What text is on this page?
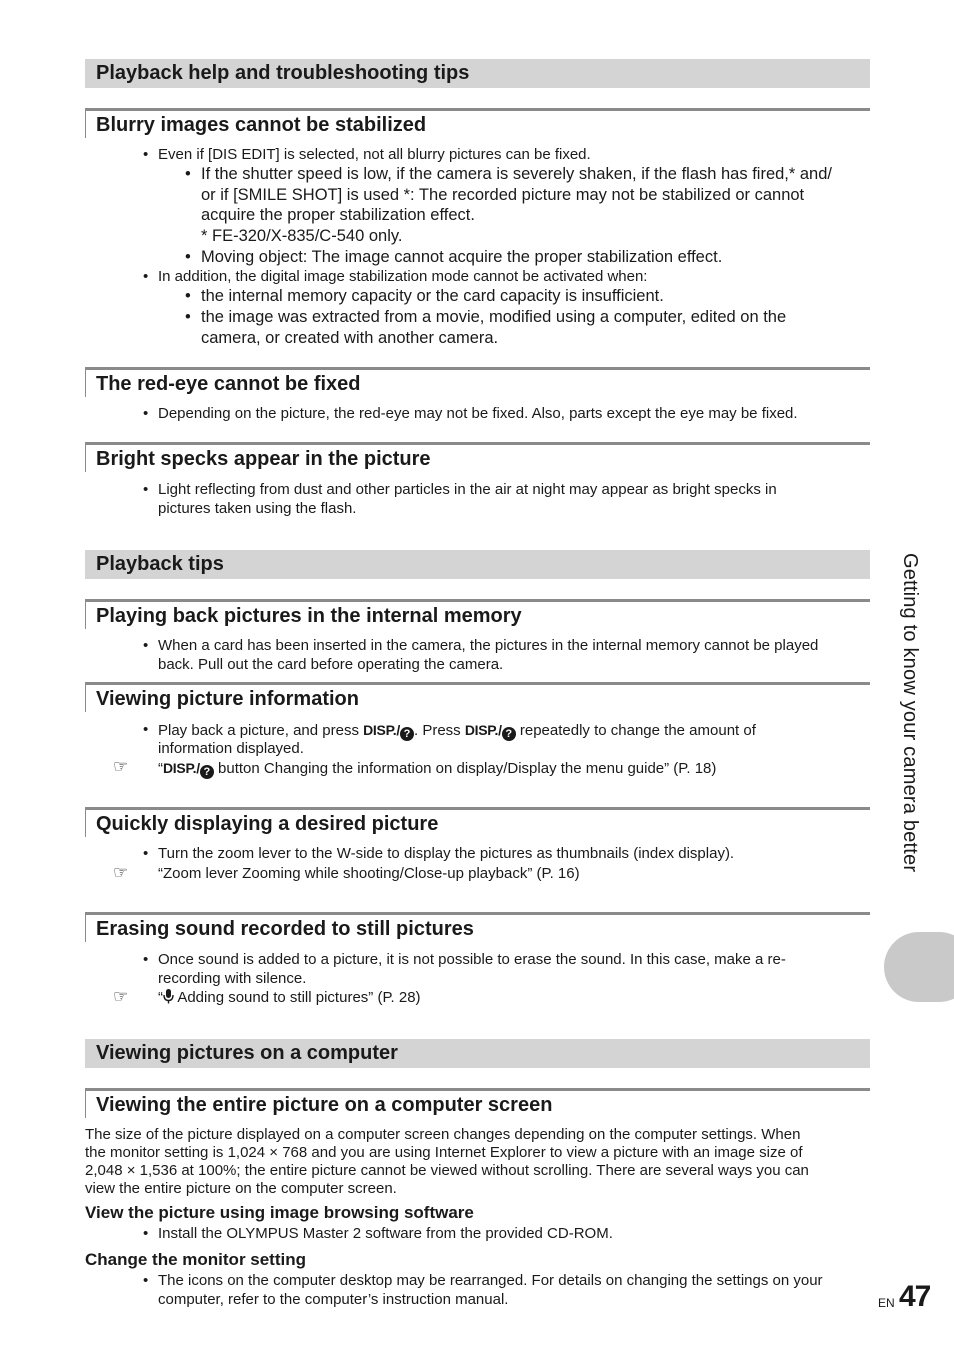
Playback help and troubleshooting tips
Blurry images cannot be stabilized
• Even if [DIS EDIT] is selected, not all blurry pictures can be fixed.
• If the shutter speed is low, if the camera is severely shaken, if the flash has fired,* and/
or if [SMILE SHOT] is used *: The recorded picture may not be stabilized or cannot
acquire the proper stabilization effect.
* FE-320/X-835/C-540 only.
• Moving object: The image cannot acquire the proper stabilization effect.
• In addition, the digital image stabilization mode cannot be activated when:
• the internal memory capacity or the card capacity is insufficient.
• the image was extracted from a movie, modified using a computer, edited on the
camera, or created with another camera.
The red-eye cannot be fixed
• Depending on the picture, the red-eye may not be fixed. Also, parts except the eye may be fixed.
Bright specks appear in the picture
• Light reflecting from dust and other particles in the air at night may appear as bright specks in
pictures taken using the flash.
Playback tips
Playing back pictures in the internal memory
• When a card has been inserted in the camera, the pictures in the internal memory cannot be played
back. Pull out the card before operating the camera.
Viewing picture information
• Play back a picture, and press DISP./ ? . Press DISP./ ? repeatedly to change the amount of
information displayed.
☞ “DISP./ ? button Changing the information on display/Display the menu guide” (P. 18)
Quickly displaying a desired picture
• Turn the zoom lever to the W-side to display the pictures as thumbnails (index display).
☞ “Zoom lever Zooming while shooting/Close-up playback” (P. 16)
Erasing sound recorded to still pictures
• Once sound is added to a picture, it is not possible to erase the sound. In this case, make a re-
recording with silence.
☞ “ Adding sound to still pictures” (P. 28)
Viewing pictures on a computer
Viewing the entire picture on a computer screen
The size of the picture displayed on a computer screen changes depending on the computer settings. When
the monitor setting is 1,024 × 768 and you are using Internet Explorer to view a picture with an image size of
2,048 × 1,536 at 100%; the entire picture cannot be viewed without scrolling. There are several ways you can
view the entire picture on the computer screen.
View the picture using image browsing software
• Install the OLYMPUS Master 2 software from the provided CD-ROM.
Change the monitor setting
• The icons on the computer desktop may be rearranged. For details on changing the settings on your
computer, refer to the computer’s instruction manual.
Getting to know your camera better
EN 47
